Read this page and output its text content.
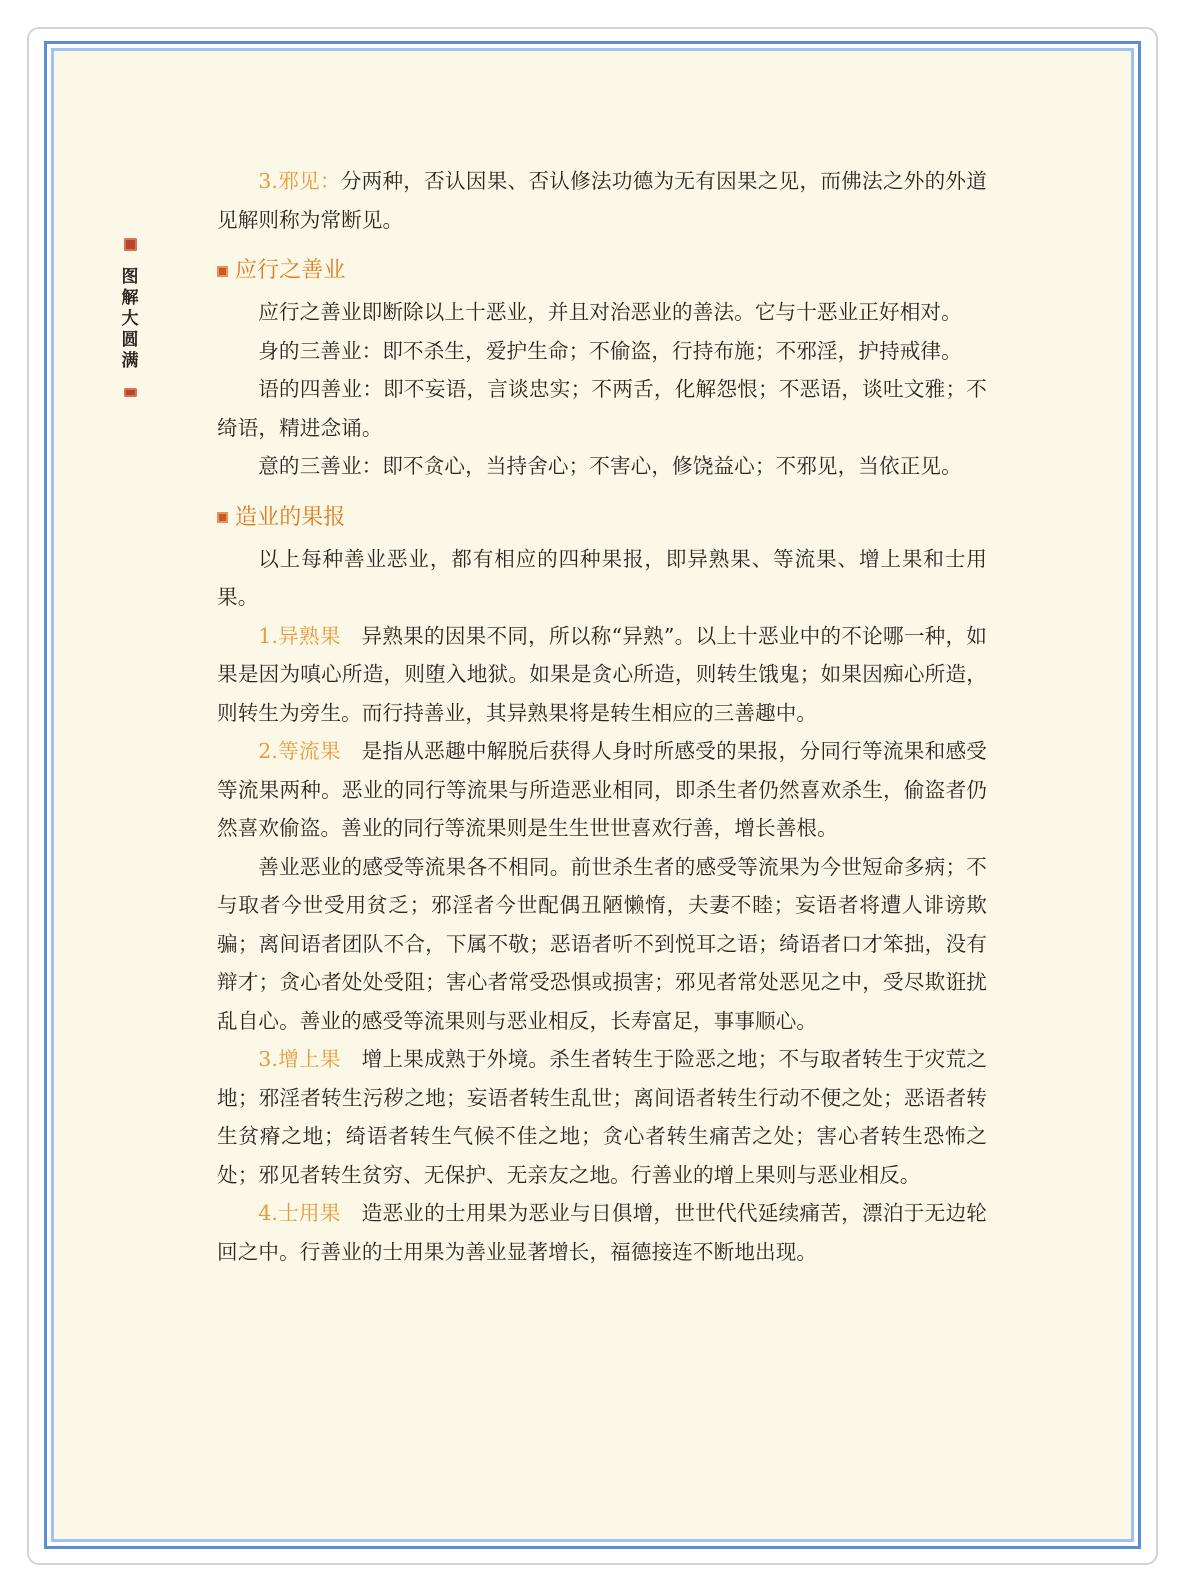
图
解
大
圆
满

3.邪见：分两种，否认因果、否认修法功德为无有因果之见，而佛法之外的外道见解则称为常断见。

应行之善业

应行之善业即断除以上十恶业，并且对治恶业的善法。它与十恶业正好相对。

身的三善业：即不杀生，爱护生命；不偷盗，行持布施；不邪淫，护持戒律。

语的四善业：即不妄语，言谈忠实；不两舌，化解怨恨；不恶语，谈吐文雅；不绮语，精进念诵。

意的三善业：即不贪心，当持舍心；不害心，修饶益心；不邪见，当依正见。

造业的果报

以上每种善业恶业，都有相应的四种果报，即异熟果、等流果、增上果和士用果。

1.异熟果　 异熟果的因果不同，所以称“异熟”。以上十恶业中的不论哪一种，如果是因为嗔心所造，则堕入地狱。如果是贪心所造，则转生饿鬼；如果因痴心所造，则转生为旁生。而行持善业，其异熟果将是转生相应的三善趣中。

2.等流果　 是指从恶趣中解脱后获得人身时所感受的果报，分同行等流果和感受等流果两种。恶业的同行等流果与所造恶业相同，即杀生者仍然喜欢杀生，偷盗者仍然喜欢偷盗。善业的同行等流果则是生生世世喜欢行善，增长善根。

善业恶业的感受等流果各不相同。前世杀生者的感受等流果为今世短命多病；不与取者今世受用贫乏；邪淫者今世配偶丑陋懒惰，夫妻不睦；妄语者将遭人诽谤欺骗；离间语者团队不合，下属不敬；恶语者听不到悦耳之语；绮语者口才笨拙，没有辩才；贪心者处处受阻；害心者常受恐惧或损害；邪见者常处恶见之中，受尽欺诳扰乱自心。善业的感受等流果则与恶业相反，长寿富足，事事顺心。

3.增上果　 增上果成熟于外境。杀生者转生于险恶之地；不与取者转生于灾荒之地；邪淫者转生污秽之地；妄语者转生乱世；离间语者转生行动不便之处；恶语者转生贫瘠之地；绮语者转生气候不佳之地；贪心者转生痛苦之处；害心者转生恐怖之处；邪见者转生贫穷、无保护、无亲友之地。行善业的增上果则与恶业相反。

4.士用果　 造恶业的士用果为恶业与日俱增，世世代代延续痛苦，漂泊于无边轮回之中。行善业的士用果为善业显著增长，福德接连不断地出现。
